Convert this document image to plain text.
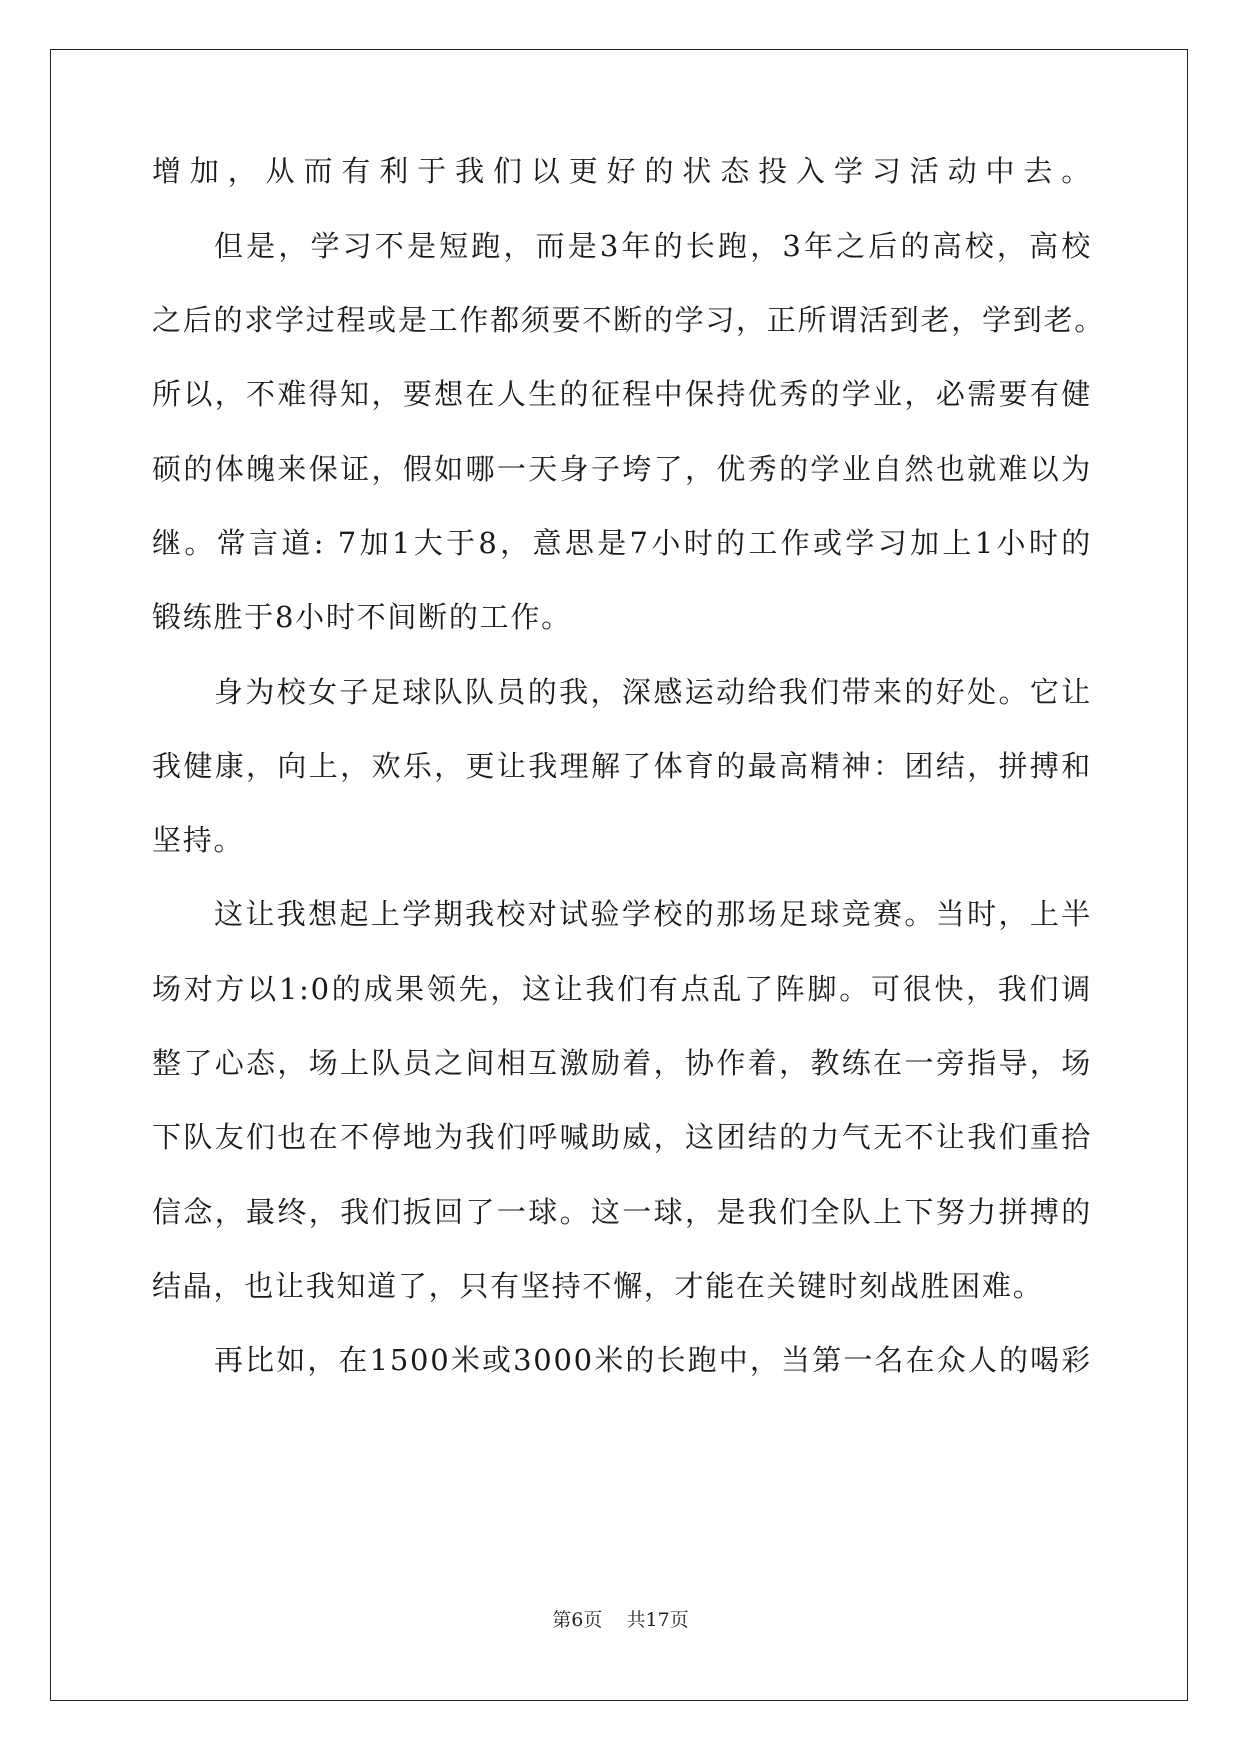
增加，从而有利于我们以更好的状态投入学习活动中去。
但是，学习不是短跑，而是3年的长跑，3年之后的高校，高校
之后的求学过程或是工作都须要不断的学习，正所谓活到老，学到老。
所以，不难得知，要想在人生的征程中保持优秀的学业，必需要有健
硕的体魄来保证，假如哪一天身子垮了，优秀的学业自然也就难以为
继。常言道: 7加1大于8，意思是7小时的工作或学习加上1小时的
锻练胜于8小时不间断的工作。
身为校女子足球队队员的我，深感运动给我们带来的好处。它让
我健康，向上，欢乐，更让我理解了体育的最高精神：团结，拼搏和
坚持。
这让我想起上学期我校对试验学校的那场足球竞赛。当时，上半
场对方以1:0的成果领先，这让我们有点乱了阵脚。可很快，我们调
整了心态，场上队员之间相互激励着，协作着，教练在一旁指导，场
下队友们也在不停地为我们呼喊助威，这团结的力气无不让我们重拾
信念，最终，我们扳回了一球。这一球，是我们全队上下努力拼搏的
结晶，也让我知道了，只有坚持不懈，才能在关键时刻战胜困难。
再比如，在1500米或3000米的长跑中，当第一名在众人的喝彩
第6页 共17页
